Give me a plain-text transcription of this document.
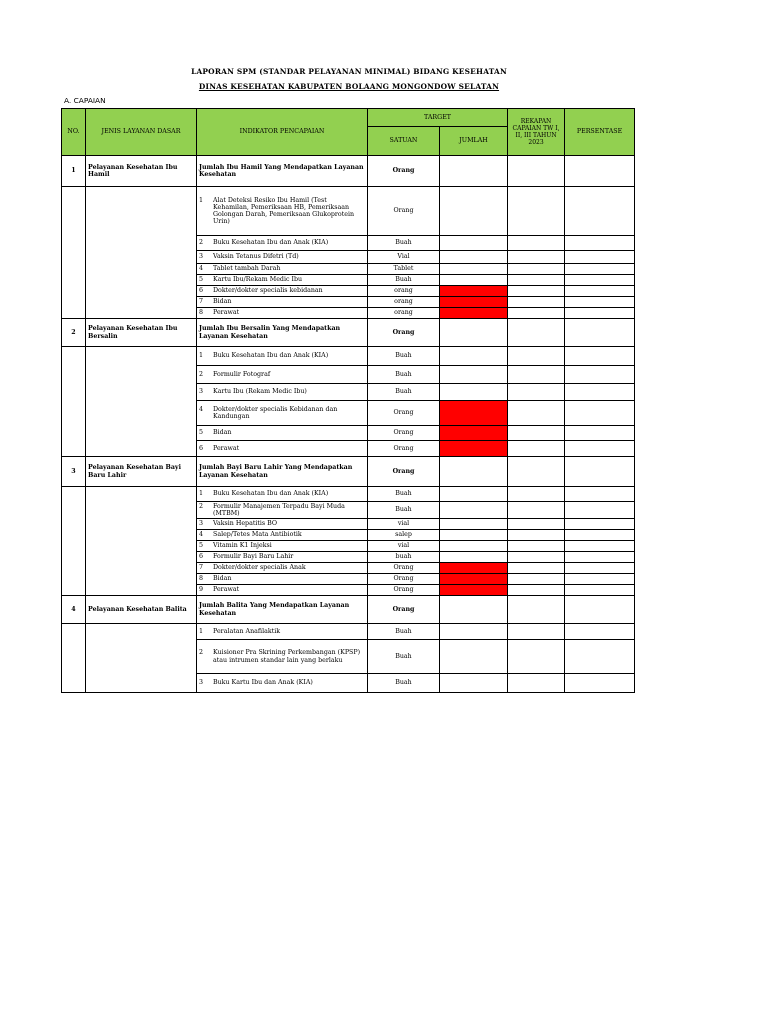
LAPORAN SPM (STANDAR PELAYANAN MINIMAL) BIDANG KESEHATAN
DINAS KESEHATAN KABUPATEN BOLAANG MONGONDOW SELATAN
A. CAPAIAN
NO.	JENIS LAYANAN DASAR	INDIKATOR PENCAPAIAN	TARGET		REKAPAN CAPAIAN TW I, II, III TAHUN 2023	PERSENTASE
			SATUAN	JUMLAH		
1	Pelayanan Kesehatan Ibu Hamil	Jumlah Ibu Hamil Yang Mendapatkan Layanan Kesehatan	Orang			
		1 Alat Deteksi Resiko Ibu Hamil (Test Kehamilan, Pemeriksaan HB, Pemeriksaan Golongan Darah, Pemeriksaan Glukoprotein Urin)	Orang			
		2 Buku Kesehatan Ibu dan Anak (KIA)	Buah			
		3 Vaksin Tetanus Difetri (Td)	Vial			
		4 Tablet tambah Darah	Tablet			
		5 Kartu Ibu/Rekam Medic Ibu	Buah			
		6 Dokter/dokter specialis kebidanan	orang			
		7 Bidan	orang			
		8 Perawat	orang			
2	Pelayanan Kesehatan Ibu Bersalin	Jumlah Ibu Bersalin Yang Mendapatkan Layanan Kesehatan	Orang			
		1 Buku Kesehatan Ibu dan Anak (KIA)	Buah			
		2 Formulir Fotograf	Buah			
		3 Kartu Ibu (Rekam Medic Ibu)	Buah			
		4 Dokter/dokter specialis Kebidanan dan Kandungan	Orang			
		5 Bidan	Orang			
		6 Perawat	Orang			
3	Pelayanan Kesehatan Bayi Baru Lahir	Jumlah Bayi Baru Lahir Yang Mendapatkan Layanan Kesehatan	Orang			
		1 Buku Kesehatan Ibu dan Anak (KIA)	Buah			
		2 Formulir Manajemen Terpadu Bayi Muda (MTBM)	Buah			
		3 Vaksin Hepatitis BO	vial			
		4 Salep/Tetes Mata Antibiotik	salep			
		5 Vitamin K1 Injeksi	vial			
		6 Formulir Bayi Baru Lahir	buah			
		7 Dokter/dokter specialis Anak	Orang			
		8 Bidan	Orang			
		9 Perawat	Orang			
4	Pelayanan Kesehatan Balita	Jumlah Balita Yang Mendapatkan Layanan Kesehatan	Orang			
		1 Peralatan Anafilaktik	Buah			
		2 Kuisioner Pra Skrining Perkembangan (KPSP) atau intrumen standar lain yang berlaku	Buah			
		3 Buku Kartu Ibu dan Anak (KIA)	Buah			
